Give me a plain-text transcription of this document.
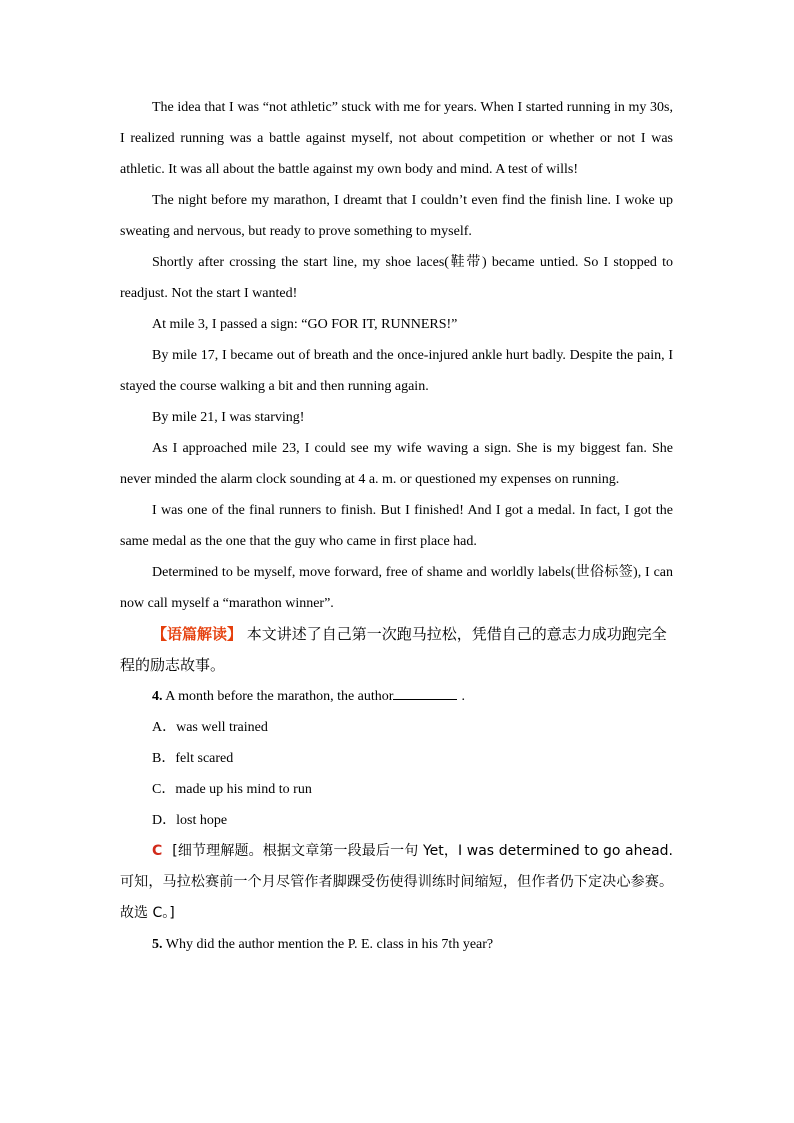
The idea that I was “not athletic” stuck with me for years. When I started running in my 30s, I realized running was a battle against myself, not about competition or whether or not I was athletic. It was all about the battle against my own body and mind. A test of wills!

The night before my marathon, I dreamt that I couldn’t even find the finish line. I woke up sweating and nervous, but ready to prove something to myself.

Shortly after crossing the start line, my shoe laces(鞋带) became untied. So I stopped to readjust. Not the start I wanted!

At mile 3, I passed a sign: “GO FOR IT, RUNNERS!”

By mile 17, I became out of breath and the once-injured ankle hurt badly. Despite the pain, I stayed the course walking a bit and then running again.

By mile 21, I was starving!

As I approached mile 23, I could see my wife waving a sign. She is my biggest fan. She never minded the alarm clock sounding at 4 a. m. or questioned my expenses on running.

I was one of the final runners to finish. But I finished! And I got a medal. In fact, I got the same medal as the one that the guy who came in first place had.

Determined to be myself, move forward, free of shame and worldly labels(世俗标签), I can now call myself a “marathon winner”.

【语篇解读】 本文讲述了自己第一次跑马拉松，凭借自己的意志力成功跑完全程的励志故事。

4. A month before the marathon, the author	.

A．was well trained

B．felt scared

C．made up his mind to run

D．lost hope

C [细节理解题。根据文章第一段最后一句 Yet，I was determined to go ahead. 可知，马拉松赛前一个月尽管作者脚踝受伤使得训练时间缩短，但作者仍下定决心参赛。故选 C。]

5. Why did the author mention the P. E. class in his 7th year?
